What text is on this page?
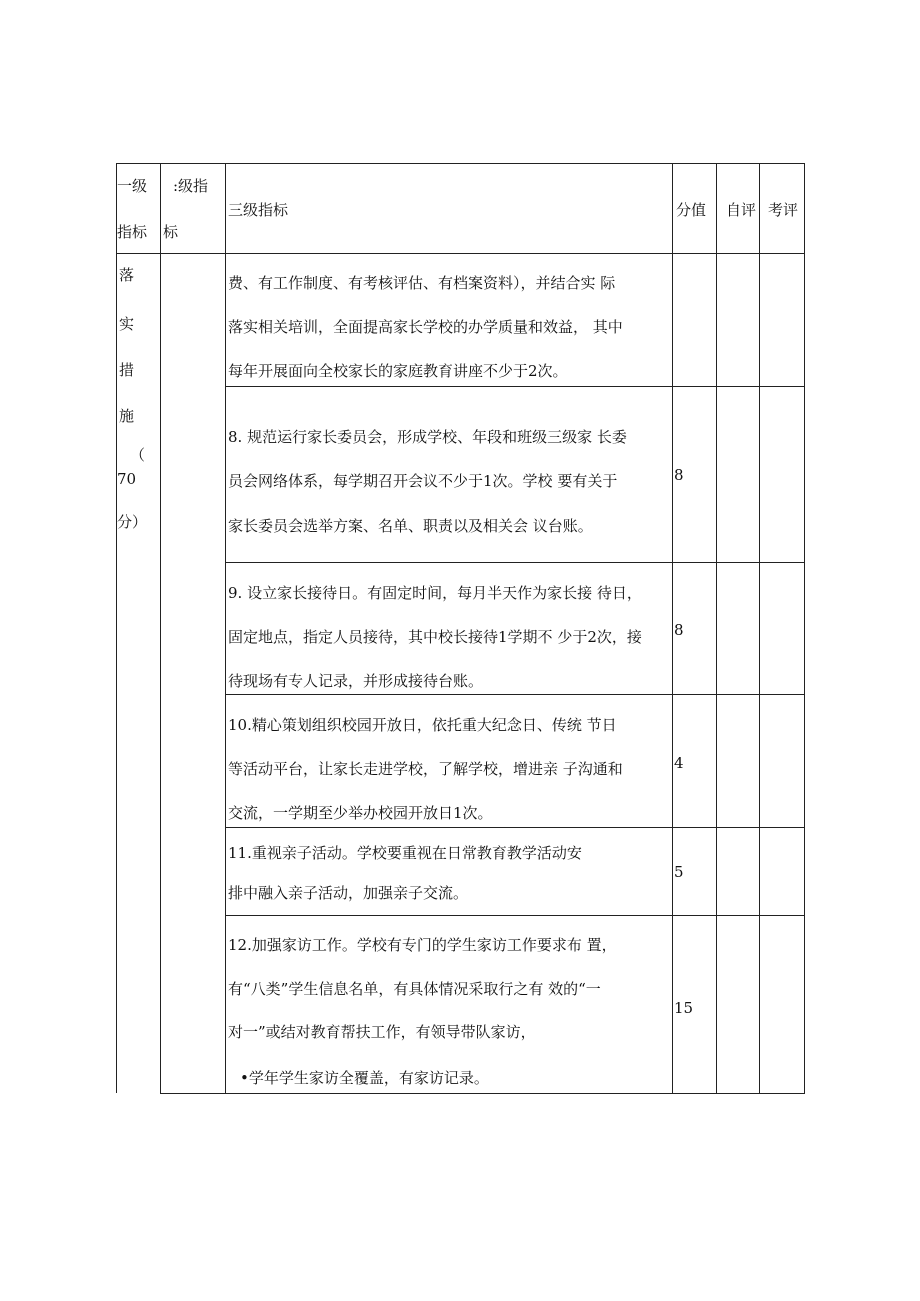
一级
指标
:级指
标
三级指标	分值 自评 考评
落
实
措
施
（
70
分）
费、有工作制度、有考核评估、有档案资料），并结合实 际
落实相关培训，全面提高家长学校的办学质量和效益， 其中
每年开展面向全校家长的家庭教育讲座不少于2次。
8. 规范运行家长委员会，形成学校、年段和班级三级家 长委
员会网络体系，每学期召开会议不少于1次。学校 要有关于
家长委员会选举方案、名单、职责以及相关会 议台账。
8
9. 设立家长接待日。有固定时间，每月半天作为家长接 待日，
固定地点，指定人员接待，其中校长接待1学期不 少于2次，接
待现场有专人记录，并形成接待台账。
8
10.精心策划组织校园开放日，依托重大纪念日、传统 节日
等活动平台，让家长走进学校，了解学校，增进亲 子沟通和
交流，一学期至少举办校园开放日1次。
4
11.重视亲子活动。学校要重视在日常教育教学活动安
排中融入亲子活动，加强亲子交流。
5
12.加强家访工作。学校有专门的学生家访工作要求布 置，
有“八类”学生信息名单，有具体情况采取行之有 效的“一
对一”或结对教育帮扶工作，有领导带队家访，
•学年学生家访全覆盖，有家访记录。
15
